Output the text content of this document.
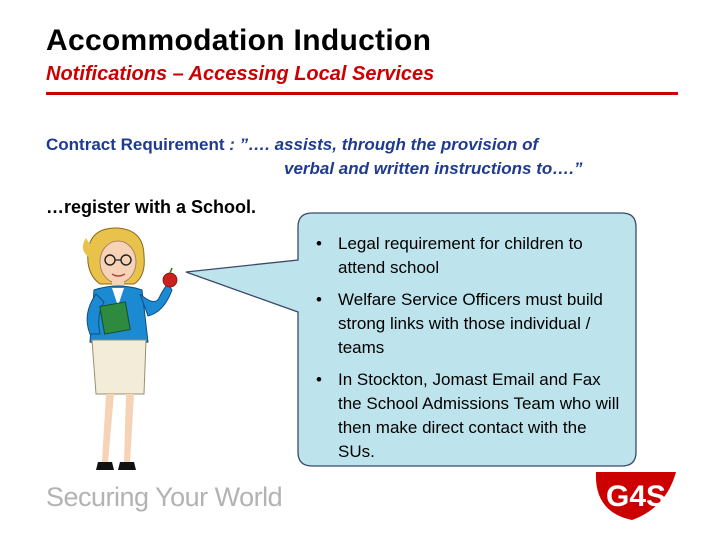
Accommodation Induction
Notifications – Accessing Local Services
Contract Requirement : ”…. assists, through the provision of
verbal and written instructions to….”
…register with a School.
• Legal requirement for children to attend school
• Welfare Service Officers must build strong links with those individual / teams
• In Stockton, Jomast Email and Fax the School Admissions Team who will then make direct contact with the SUs.
Securing Your World	G4S
